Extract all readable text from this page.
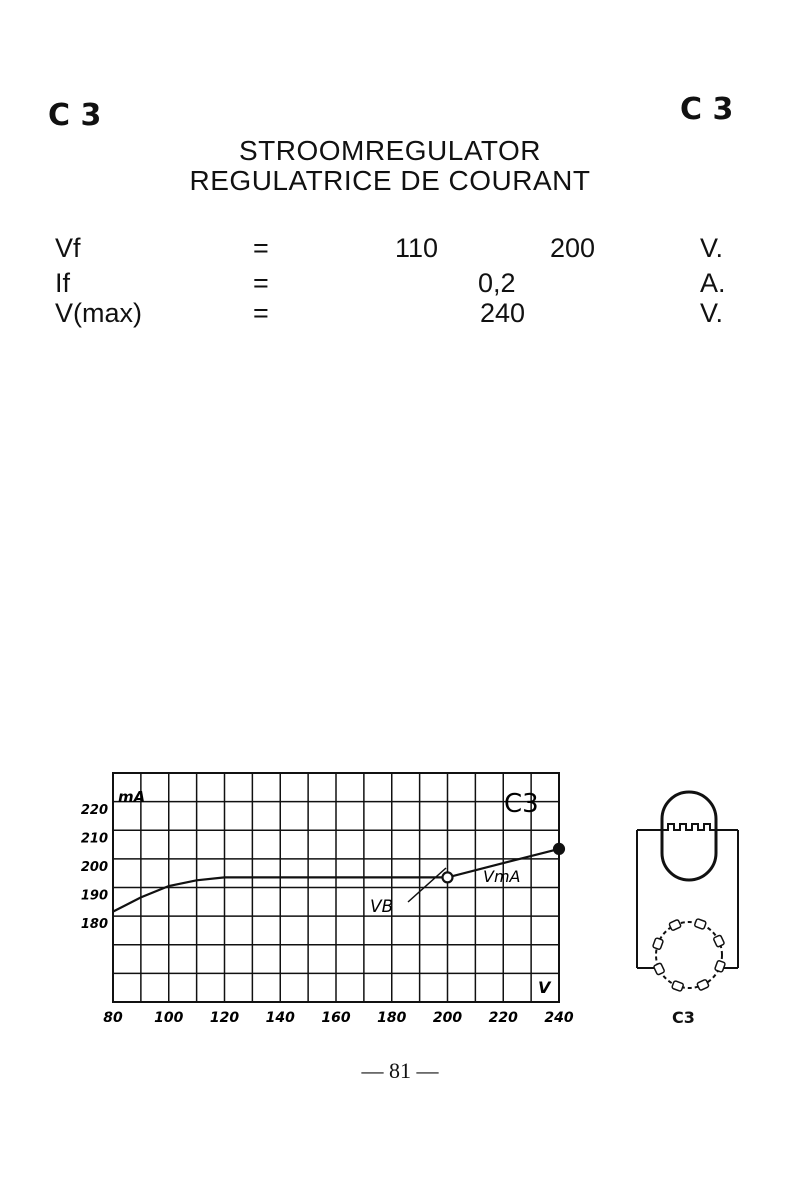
C 3	C 3
STROOMREGULATOR
REGULATRICE DE COURANT
Vf	=	110	200	V.
If	=	0,2	A.
V(max)	=	240	V.
80 100 120 140 160 180 200 220 240
220
210
200
190
180
mA	C3
V
VB
VmA
C3
— 81 —
